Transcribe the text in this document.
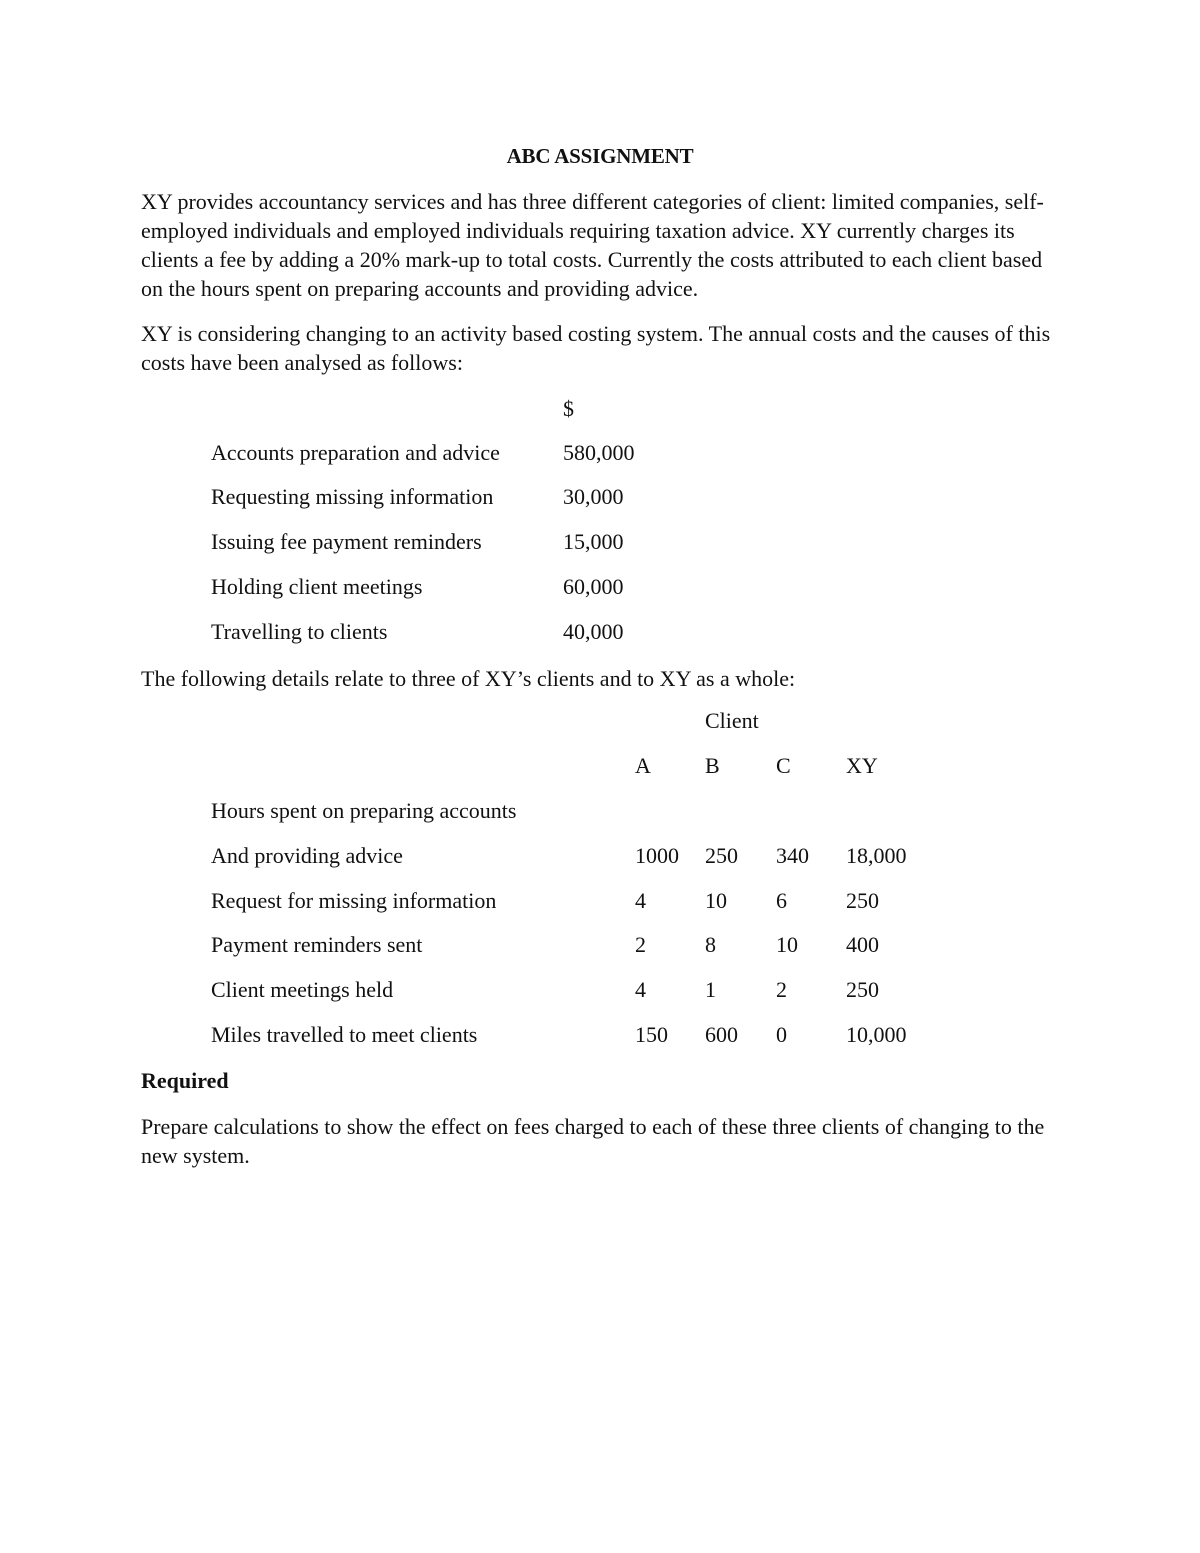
ABC ASSIGNMENT
XY provides accountancy services and has three different categories of client: limited companies, self-employed individuals and employed individuals requiring taxation advice. XY currently charges its clients a fee by adding a 20% mark-up to total costs. Currently the costs attributed to each client based on the hours spent on preparing accounts and providing advice.
XY is considering changing to an activity based costing system. The annual costs and the causes of this costs have been analysed as follows:
$
Accounts preparation and advice	580,000
Requesting missing information	30,000
Issuing fee payment reminders	15,000
Holding client meetings	60,000
Travelling to clients	40,000
The following details relate to three of XY’s clients and to XY as a whole:
Client
A B	C	XY
Hours spent on preparing accounts
And providing advice	1000 250 340 18,000
Request for missing information	4	10 6	250
Payment reminders sent	2	8	10 400
Client meetings held	4	1	2	250
Miles travelled to meet clients	150 600 0	10,000
Required
Prepare calculations to show the effect on fees charged to each of these three clients of changing to the new system.
